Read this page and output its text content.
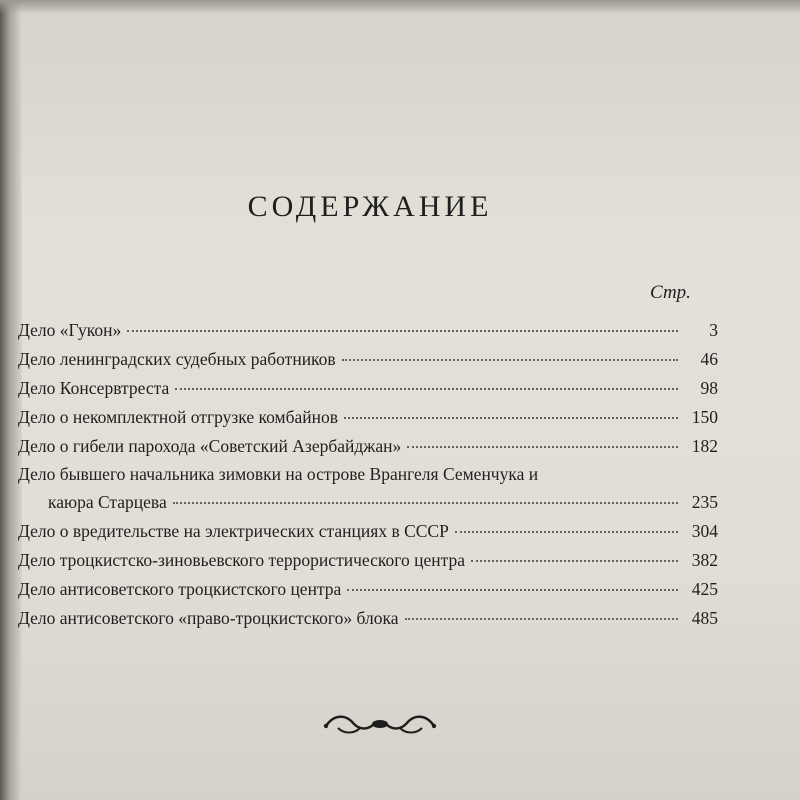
СОДЕРЖАНИЕ
Стр.
Дело «Гукон»	3
Дело ленинградских судебных работников	46
Дело Консервтреста	98
Дело о некомплектной отгрузке комбайнов	150
Дело о гибели парохода «Советский Азербайджан»	182
Дело бывшего начальника зимовки на острове Врангеля Семенчука и
каюра Старцева	235
Дело о вредительстве на электрических станциях в СССР	304
Дело троцкистско-зиновьевского террористического центра	382
Дело антисоветского троцкистского центра	425
Дело антисоветского «право-троцкистского» блока	485
